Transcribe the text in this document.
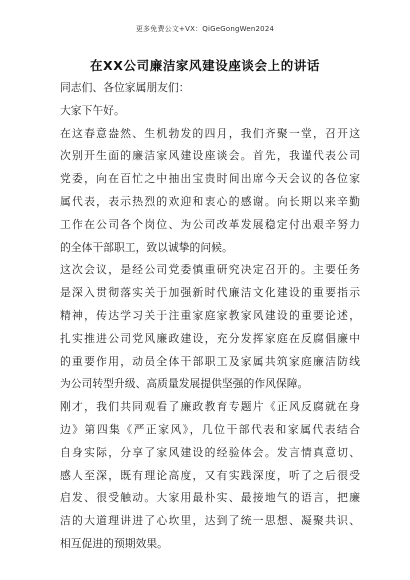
更多免费公文+VX：QiGeGongWen2024
在XX公司廉洁家风建设座谈会上的讲话
同志们、各位家属朋友们：
大家下午好。
在这春意盎然、生机勃发的四月，我们齐聚一堂，召开这
次别开生面的廉洁家风建设座谈会。首先，我谨代表公司
党委，向在百忙之中抽出宝贵时间出席今天会议的各位家
属代表，表示热烈的欢迎和衷心的感谢。向长期以来辛勤
工作在公司各个岗位、为公司改革发展稳定付出艰辛努力
的全体干部职工，致以诚挚的问候。
这次会议，是经公司党委慎重研究决定召开的。主要任务
是深入贯彻落实关于加强新时代廉洁文化建设的重要指示
精神，传达学习关于注重家庭家教家风建设的重要论述，
扎实推进公司党风廉政建设，充分发挥家庭在反腐倡廉中
的重要作用，动员全体干部职工及家属共筑家庭廉洁防线
为公司转型升级、高质量发展提供坚强的作风保障。
刚才，我们共同观看了廉政教育专题片《正风反腐就在身
边》第四集《严正家风》，几位干部代表和家属代表结合
自身实际，分享了家风建设的经验体会。发言情真意切、
感人至深，既有理论高度，又有实践深度，听了之后很受
启发、很受触动。大家用最朴实、最接地气的语言，把廉
洁的大道理讲进了心坎里，达到了统一思想、凝聚共识、
相互促进的预期效果。
